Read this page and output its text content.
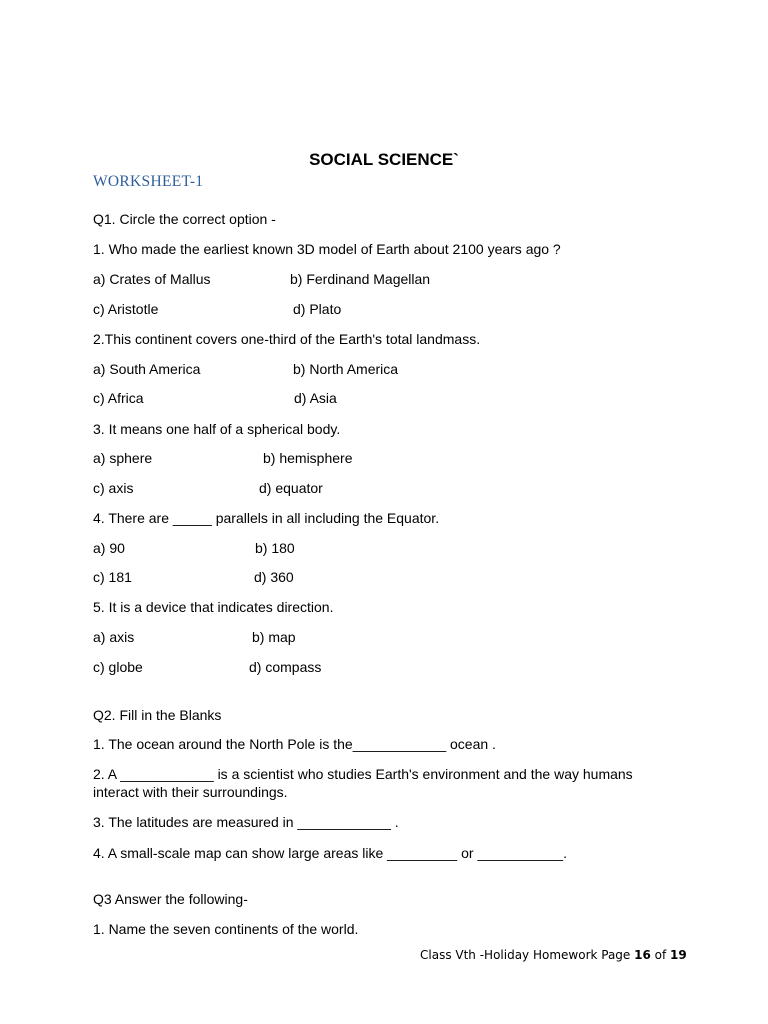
SOCIAL SCIENCE`
WORKSHEET-1
Q1. Circle the correct option -
1. Who made the earliest known 3D model of Earth about 2100 years ago ?
a) Crates of Mallus	b) Ferdinand Magellan
c) Aristotle	d) Plato
2.This continent covers one-third of the Earth's total landmass.
a) South America	b) North America
c) Africa	d) Asia
3. It means one half of a spherical body.
a) sphere	b) hemisphere
c) axis	d) equator
4. There are _____ parallels in all including the Equator.
a) 90	b) 180
c) 181	d) 360
5. It is a device that indicates direction.
a) axis	b) map
c) globe	d) compass
Q2. Fill in the Blanks
1. The ocean around the North Pole is the____________ ocean .
2. A ____________ is a scientist who studies Earth's environment and the way humans interact with their surroundings.
3. The latitudes are measured in ____________ .
4. A small-scale map can show large areas like _________ or ___________.
Q3 Answer the following-
1. Name the seven continents of the world.
Class Vth -Holiday Homework Page 16 of 19
